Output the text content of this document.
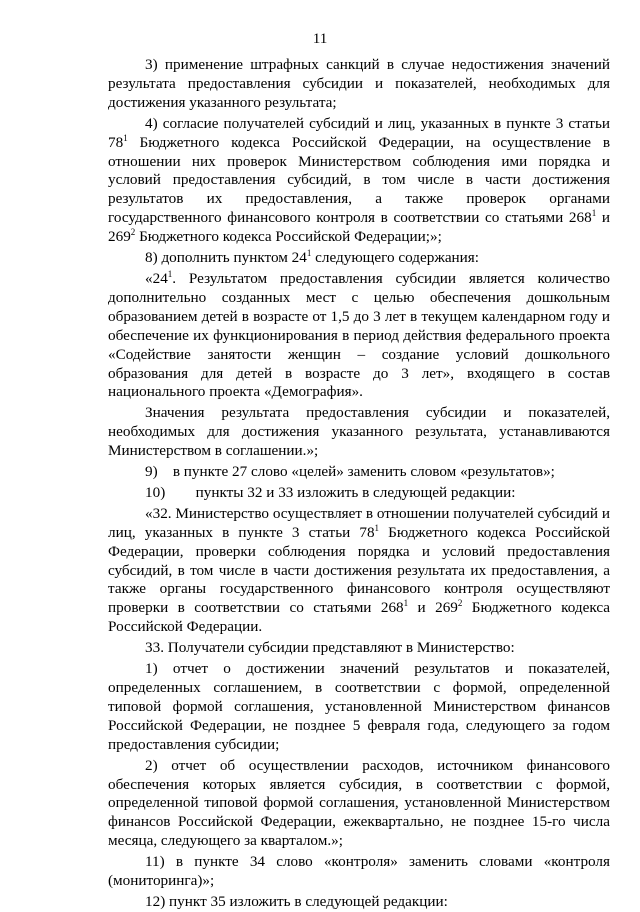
11

3) применение штрафных санкций в случае недостижения значений результата предоставления субсидии и показателей, необходимых для достижения указанного результата;

4) согласие получателей субсидий и лиц, указанных в пункте 3 статьи $78^1$ Бюджетного кодекса Российской Федерации, на осуществление в отношении них проверок Министерством соблюдения ими порядка и условий предоставления субсидий, в том числе в части достижения результатов их предоставления, а также проверок органами государственного финансового контроля в соответствии со статьями $268^1$ и $269^2$ Бюджетного кодекса Российской Федерации;»;

8) дополнить пунктом $24^1$ следующего содержания:

«$24^1$. Результатом предоставления субсидии является количество дополнительно созданных мест с целью обеспечения дошкольным образованием детей в возрасте от 1,5 до 3 лет в текущем календарном году и обеспечение их функционирования в период действия федерального проекта «Содействие занятости женщин – создание условий дошкольного образования для детей в возрасте до 3 лет», входящего в состав национального проекта «Демография».

Значения результата предоставления субсидии и показателей, необходимых для достижения указанного результата, устанавливаются Министерством в соглашении.»;

9)  в пункте 27 слово «целей» заменить словом «результатов»;

10)  пункты 32 и 33 изложить в следующей редакции:

«32. Министерство осуществляет в отношении получателей субсидий и лиц, указанных в пункте 3 статьи $78^1$ Бюджетного кодекса Российской Федерации, проверки соблюдения порядка и условий предоставления субсидий, в том числе в части достижения результата их предоставления, а также органы государственного финансового контроля осуществляют проверки в соответствии со статьями $268^1$ и $269^2$ Бюджетного кодекса Российской Федерации.

33. Получатели субсидии представляют в Министерство:

1) отчет о достижении значений результатов и показателей, определенных соглашением, в соответствии с формой, определенной типовой формой соглашения, установленной Министерством финансов Российской Федерации, не позднее 5 февраля года, следующего за годом предоставления субсидии;

2) отчет об осуществлении расходов, источником финансового обеспечения которых является субсидия, в соответствии с формой, определенной типовой формой соглашения, установленной Министерством финансов Российской Федерации, ежеквартально, не позднее 15-го числа месяца, следующего за кварталом.»;

11) в пункте 34 слово «контроля» заменить словами «контроля (мониторинга)»;

12) пункт 35 изложить в следующей редакции:
